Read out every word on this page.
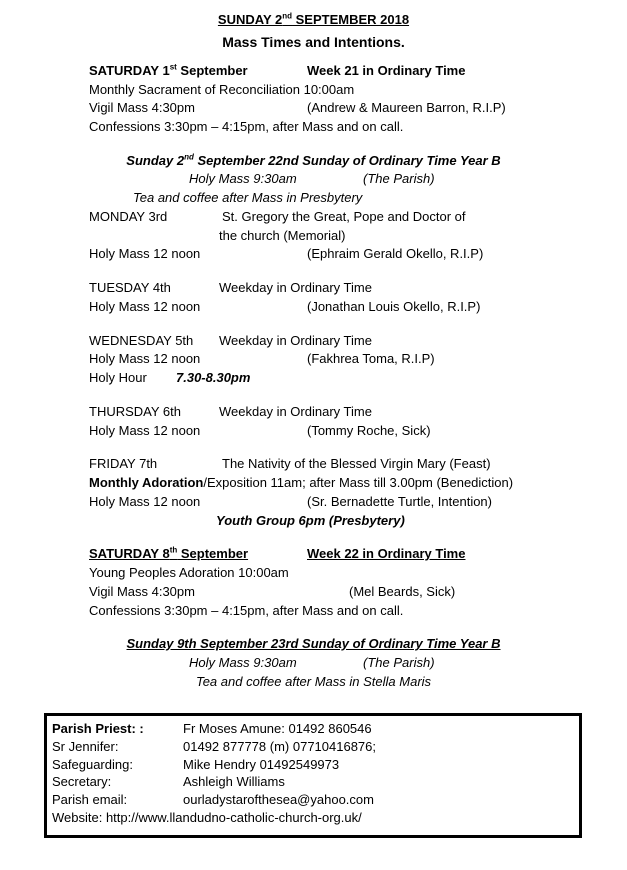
SUNDAY 2nd SEPTEMBER 2018
Mass Times and Intentions.
SATURDAY 1st September	Week 21 in Ordinary Time
Monthly Sacrament of Reconciliation 10:00am
Vigil Mass 4:30pm	(Andrew & Maureen Barron, R.I.P)
Confessions 3:30pm – 4:15pm, after Mass and on call.
Sunday 2nd September 22nd Sunday of Ordinary Time Year B
Holy Mass 9:30am	(The Parish)
Tea and coffee after Mass in Presbytery
MONDAY 3rd	St. Gregory the Great, Pope and Doctor of
the church (Memorial)
Holy Mass 12 noon	(Ephraim Gerald Okello, R.I.P)
TUESDAY 4th	Weekday in Ordinary Time
Holy Mass 12 noon	(Jonathan Louis Okello, R.I.P)
WEDNESDAY 5th Weekday in Ordinary Time
Holy Mass 12 noon	(Fakhrea Toma, R.I.P)
Holy Hour 7.30-8.30pm
THURSDAY 6th	Weekday in Ordinary Time
Holy Mass 12 noon	(Tommy Roche, Sick)
FRIDAY 7th	The Nativity of the Blessed Virgin Mary (Feast)
Monthly Adoration/Exposition 11am; after Mass till 3.00pm (Benediction)
Holy Mass 12 noon	(Sr. Bernadette Turtle, Intention)
Youth Group 6pm (Presbytery)
SATURDAY 8th September	Week 22 in Ordinary Time
Young Peoples Adoration 10:00am
Vigil Mass 4:30pm	(Mel Beards, Sick)
Confessions 3:30pm – 4:15pm, after Mass and on call.
Sunday 9th September 23rd Sunday of Ordinary Time Year B
Holy Mass 9:30am	(The Parish)
Tea and coffee after Mass in Stella Maris
Parish Priest: :	Fr Moses Amune: 01492 860546
Sr Jennifer:	01492 877778 (m) 07710416876;
Safeguarding:	Mike Hendry 01492549973
Secretary:	Ashleigh Williams
Parish email:	ourladystarofthesea@yahoo.com
Website: http://www.llandudno-catholic-church-org.uk/
